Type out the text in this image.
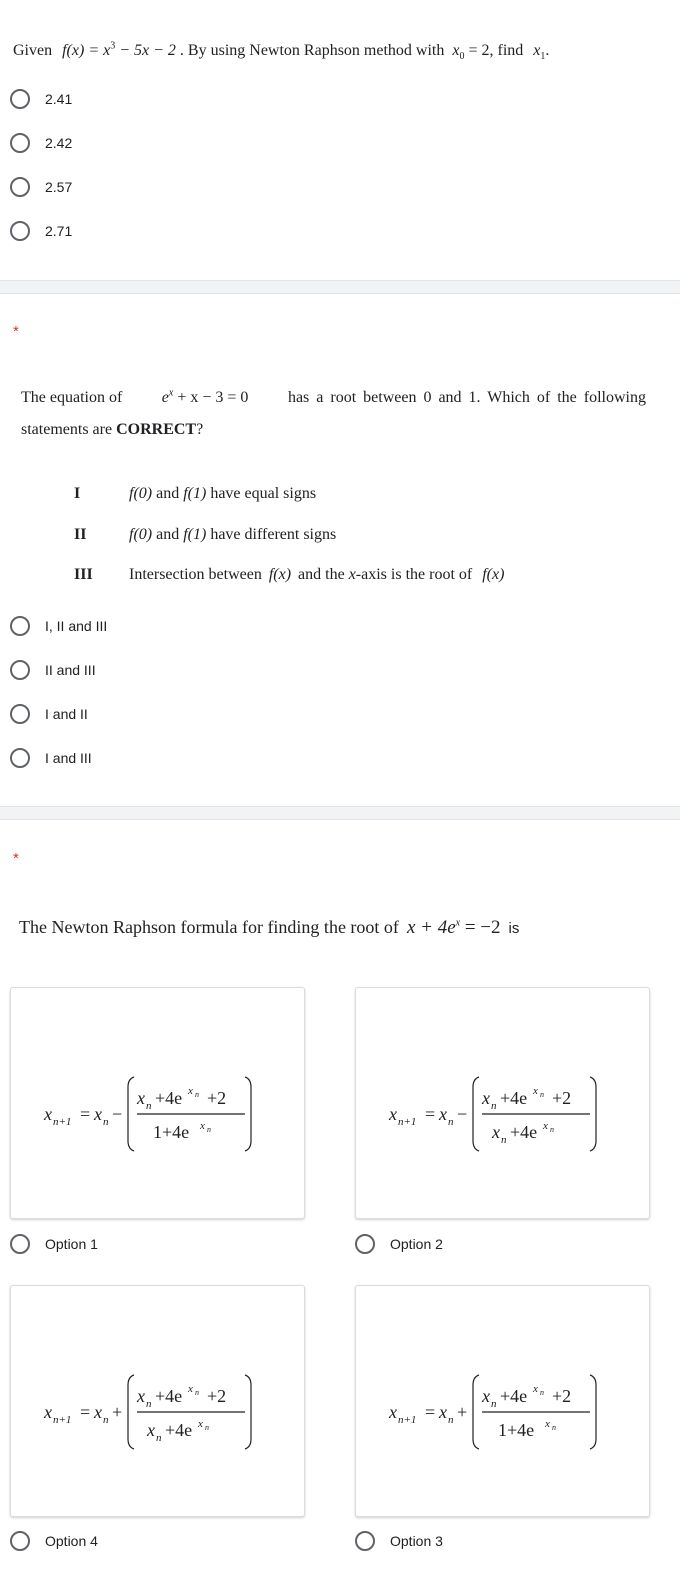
Given $f(x) = x^3 - 5x - 2$ . By using Newton Raphson method with $x_0 = 2$, find $x_1$.
2.41
2.42
2.57
2.71
*
The equation of $e^x + x - 3 = 0$ has a root between 0 and 1. Which of the following
statements are CORRECT?
I	f(0) and f(1) have equal signs
II	f(0) and f(1) have different signs
III	Intersection between f(x) and the x -axis is the root of f(x)
I, II and III
II and III
I and II
I and III
*
The Newton Raphson formula for finding the root of $x + 4e^x = -2$ is
x n+1 = x n −
x n +4e x n +2
1+4e x n
x n+1 = x n −
x n +4e x n +2
x n +4e x n
Option 1	Option 2
x n+1 = x n +
x n +4e x n +2
x n +4e x n
x n+1 = x n +
x n +4e x n +2
1+4e x n
Option 4	Option 3
